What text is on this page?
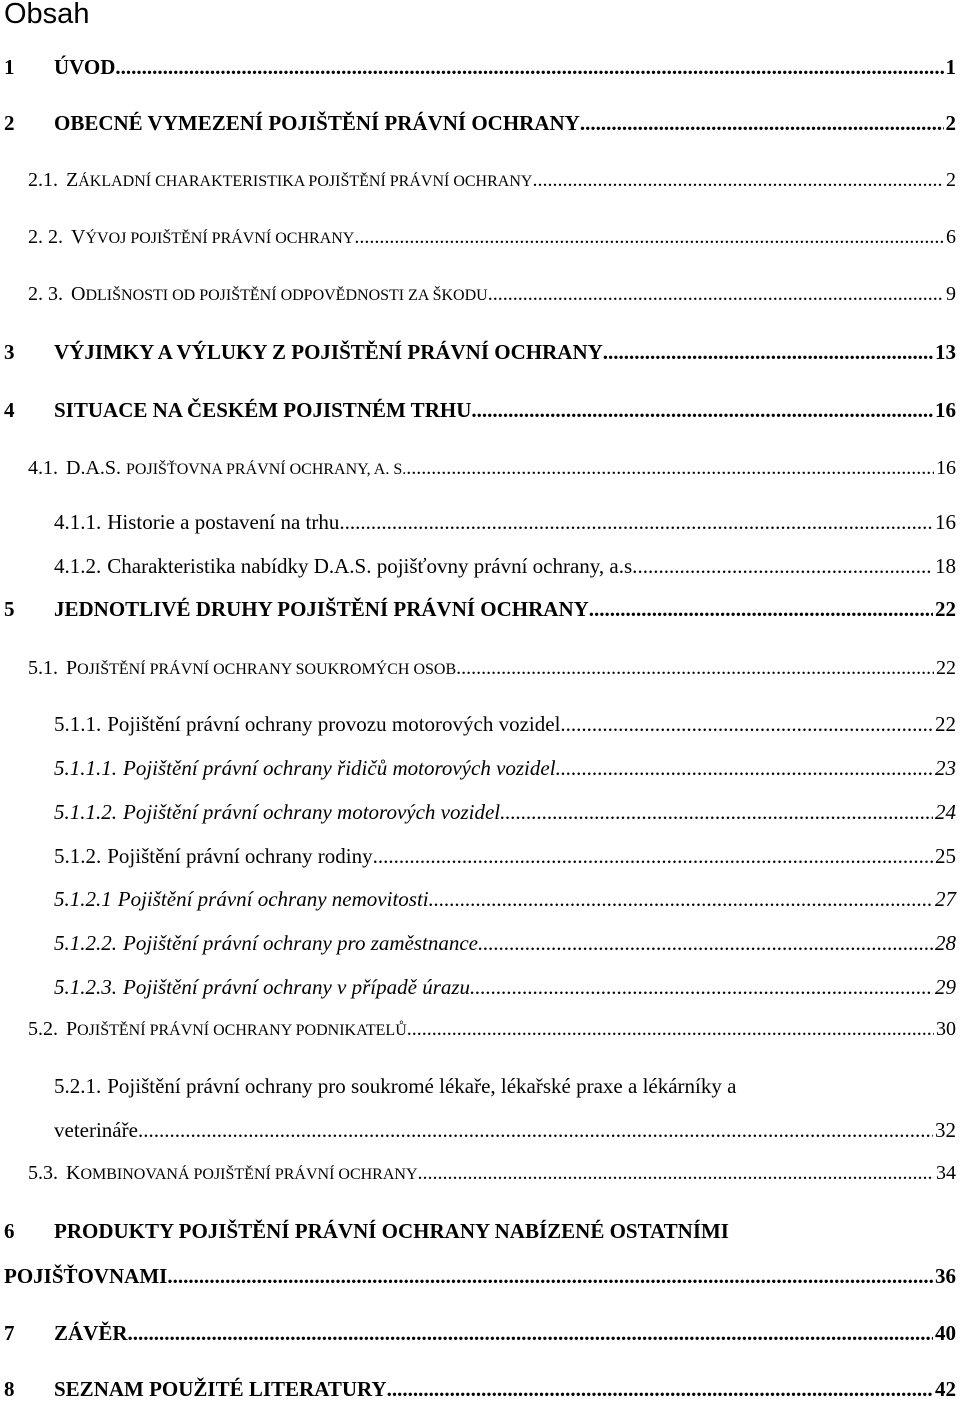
Obsah
1	ÚVOD .....	1
2	OBECNÉ VYMEZENÍ POJIŠTĚNÍ PRÁVNÍ OCHRANY .....	2
2.1. Z ÁKLADNÍ CHARAKTERISTIKA POJIŠTĚNÍ PRÁVNÍ OCHRANY .....	2
2. 2. V ÝVOJ POJIŠTĚNÍ PRÁVNÍ OCHRANY .....	6
2. 3. O DLIŠNOSTI OD POJIŠTĚNÍ ODPOVĚDNOSTI ZA ŠKODU .....	9
3	VÝJIMKY A VÝLUKY Z POJIŠTĚNÍ PRÁVNÍ OCHRANY .....	13
4	SITUACE NA ČESKÉM POJISTNÉM TRHU .....	16
4.1. D.A.S. POJIŠŤOVNA PRÁVNÍ OCHRANY, A. S. .....	16
4.1.1. Historie a postavení na trhu .....	16
4.1.2. Charakteristika nabídky D.A.S. pojišťovny právní ochrany, a.s. .....	18
5	JEDNOTLIVÉ DRUHY POJIŠTĚNÍ PRÁVNÍ OCHRANY .....	22
5.1. P OJIŠTĚNÍ PRÁVNÍ OCHRANY SOUKROMÝCH OSOB .....	22
5.1.1. Pojištění právní ochrany provozu motorových vozidel .....	22
5.1.1.1. Pojištění právní ochrany řidičů motorových vozidel .....	23
5.1.1.2. Pojištění právní ochrany motorových vozidel .....	24
5.1.2. Pojištění právní ochrany rodiny .....	25
5.1.2.1 Pojištění právní ochrany nemovitosti .....	27
5.1.2.2. Pojištění právní ochrany pro zaměstnance .....	28
5.1.2.3. Pojištění právní ochrany v případě úrazu .....	29
5.2. P OJIŠTĚNÍ PRÁVNÍ OCHRANY PODNIKATELŮ .....	30
5.2.1. Pojištění právní ochrany pro soukromé lékaře, lékařské praxe a lékárníky a
veterináře .....	32
5.3. K OMBINOVANÁ POJIŠTĚNÍ PRÁVNÍ OCHRANY .....	34
6 PRODUKTY POJIŠTĚNÍ PRÁVNÍ OCHRANY NABÍZENÉ OSTATNÍMI
POJIŠŤOVNAMI .....	36
7	ZÁVĚR .....	40
8	SEZNAM POUŽITÉ LITERATURY .....	42
